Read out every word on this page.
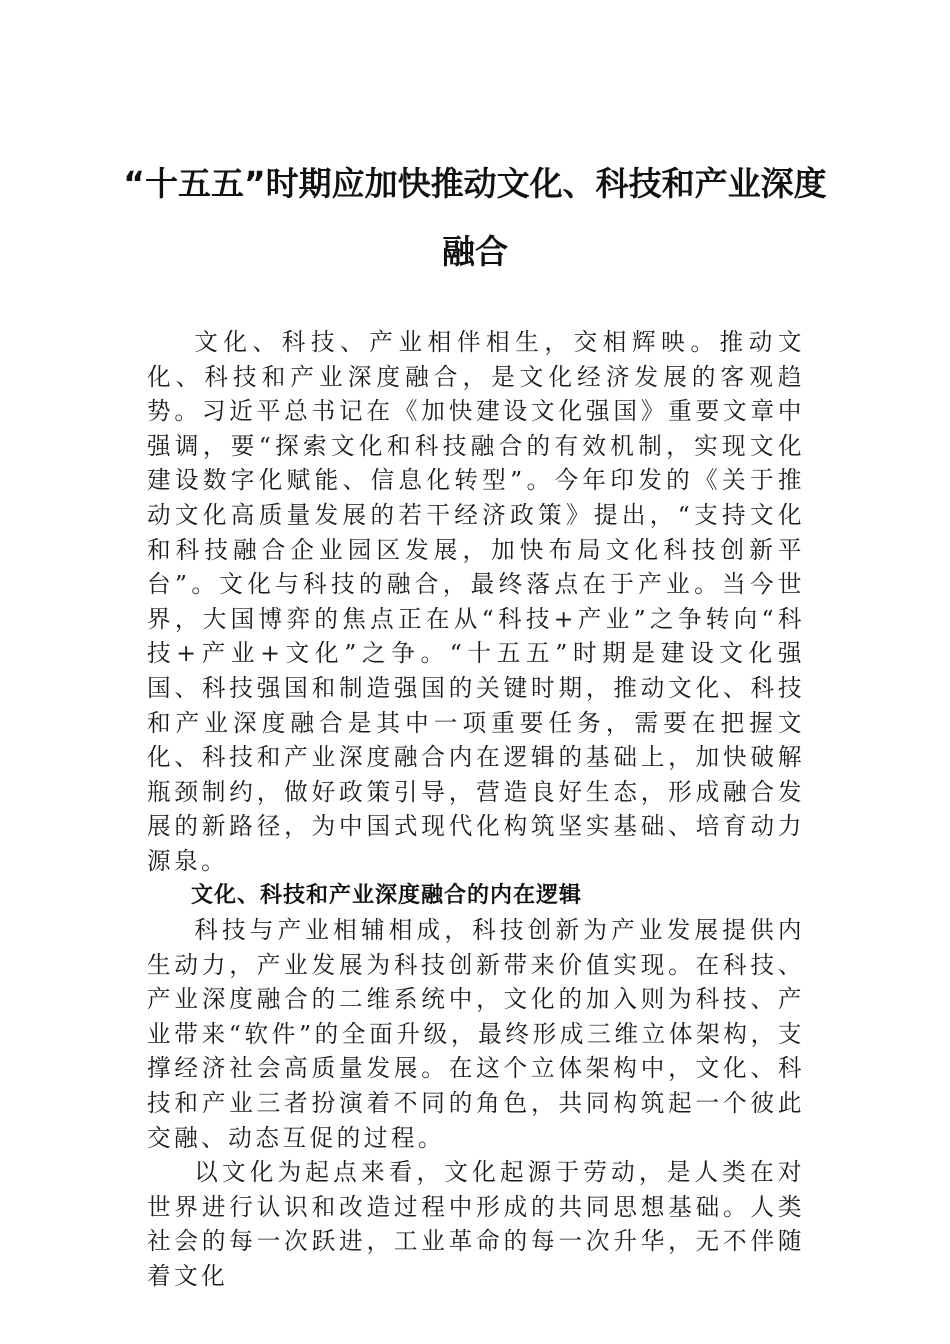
“十五五”时期应加快推动文化、科技和产业深度融合

文化、科技、产业相伴相生，交相辉映。推动文化、科技和产业深度融合，是文化经济发展的客观趋势。习近平总书记在《加快建设文化强国》重要文章中强调，要“探索文化和科技融合的有效机制，实现文化建设数字化赋能、信息化转型”。今年印发的《关于推动文化高质量发展的若干经济政策》提出，“支持文化和科技融合企业园区发展，加快布局文化科技创新平台”。文化与科技的融合，最终落点在于产业。当今世界，大国博弈的焦点正在从“科技+产业”之争转向“科技+产业+文化”之争。“十五五”时期是建设文化强国、科技强国和制造强国的关键时期，推动文化、科技和产业深度融合是其中一项重要任务，需要在把握文化、科技和产业深度融合内在逻辑的基础上，加快破解瓶颈制约，做好政策引导，营造良好生态，形成融合发展的新路径，为中国式现代化构筑坚实基础、培育动力源泉。

文化、科技和产业深度融合的内在逻辑

科技与产业相辅相成，科技创新为产业发展提供内生动力，产业发展为科技创新带来价值实现。在科技、产业深度融合的二维系统中，文化的加入则为科技、产业带来“软件”的全面升级，最终形成三维立体架构，支撑经济社会高质量发展。在这个立体架构中，文化、科技和产业三者扮演着不同的角色，共同构筑起一个彼此交融、动态互促的过程。

以文化为起点来看，文化起源于劳动，是人类在对世界进行认识和改造过程中形成的共同思想基础。人类社会的每一次跃进，工业革命的每一次升华，无不伴随着文化
